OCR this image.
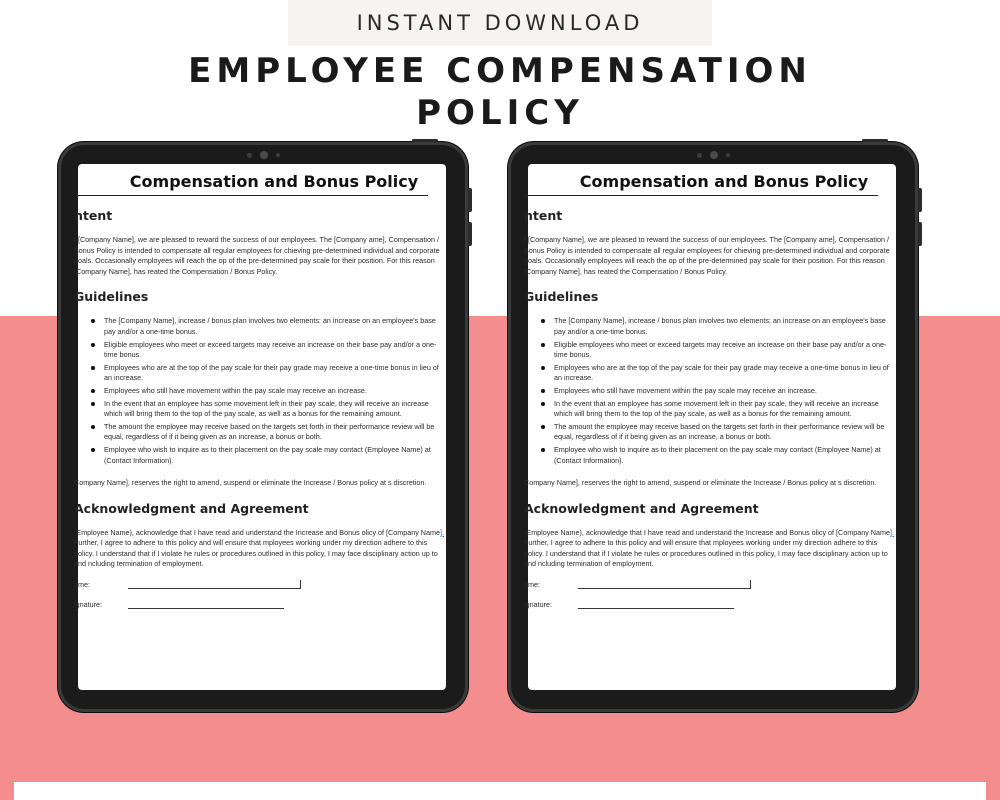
INSTANT DOWNLOAD
EMPLOYEE COMPENSATION
POLICY
Compensation and Bonus Policy
ntent

t [Company Name], we are pleased to reward the success of our employees. The [Company ame], Compensation / Bonus Policy is intended to compensate all regular employees for chieving pre-determined individual and corporate goals. Occasionally employees will reach the op of the pre-determined pay scale for their position. For this reason [Company Name], has reated the Compensation / Bonus Policy.

Guidelines

The [Company Name], increase / bonus plan involves two elements: an increase on an employee's base pay and/or a one-time bonus.

Eligible employees who meet or exceed targets may receive an increase on their base pay and/or a one-time bonus.

Employees who are at the top of the pay scale for their pay grade may receive a one-time bonus in lieu of an increase.

Employees who still have movement within the pay scale may receive an increase.

In the event that an employee has some movement left in their pay scale, they will receive an increase which will bring them to the top of the pay scale, as well as a bonus for the remaining amount.

The amount the employee may receive based on the targets set forth in their performance review will be equal, regardless of if it being given as an increase, a bonus or both.

Employee who wish to inquire as to their placement on the pay scale may contact (Employee Name) at (Contact Information).

Company Name], reserves the right to amend, suspend or eliminate the Increase / Bonus policy at s discretion.

Acknowledgment and Agreement

(Employee Name), acknowledge that I have read and understand the Increase and Bonus olicy of [Company Name]. Further, I agree to adhere to this policy and will ensure that mployees working under my direction adhere to this policy. I understand that if I violate he rules or procedures outlined in this policy, I may face disciplinary action up to and ncluding termination of employment.

ame:
ignature:
Compensation and Bonus Policy
ntent

t [Company Name], we are pleased to reward the success of our employees. The [Company ame], Compensation / Bonus Policy is intended to compensate all regular employees for chieving pre-determined individual and corporate goals. Occasionally employees will reach the op of the pre-determined pay scale for their position. For this reason [Company Name], has reated the Compensation / Bonus Policy.

Guidelines

The [Company Name], increase / bonus plan involves two elements: an increase on an employee's base pay and/or a one-time bonus.

Eligible employees who meet or exceed targets may receive an increase on their base pay and/or a one-time bonus.

Employees who are at the top of the pay scale for their pay grade may receive a one-time bonus in lieu of an increase.

Employees who still have movement within the pay scale may receive an increase.

In the event that an employee has some movement left in their pay scale, they will receive an increase which will bring them to the top of the pay scale, as well as a bonus for the remaining amount.

The amount the employee may receive based on the targets set forth in their performance review will be equal, regardless of if it being given as an increase, a bonus or both.

Employee who wish to inquire as to their placement on the pay scale may contact (Employee Name) at (Contact Information).

Company Name], reserves the right to amend, suspend or eliminate the Increase / Bonus policy at s discretion.

Acknowledgment and Agreement

(Employee Name), acknowledge that I have read and understand the Increase and Bonus olicy of [Company Name]. Further, I agree to adhere to this policy and will ensure that mployees working under my direction adhere to this policy. I understand that if I violate he rules or procedures outlined in this policy, I may face disciplinary action up to and ncluding termination of employment.

ame:
ignature:
